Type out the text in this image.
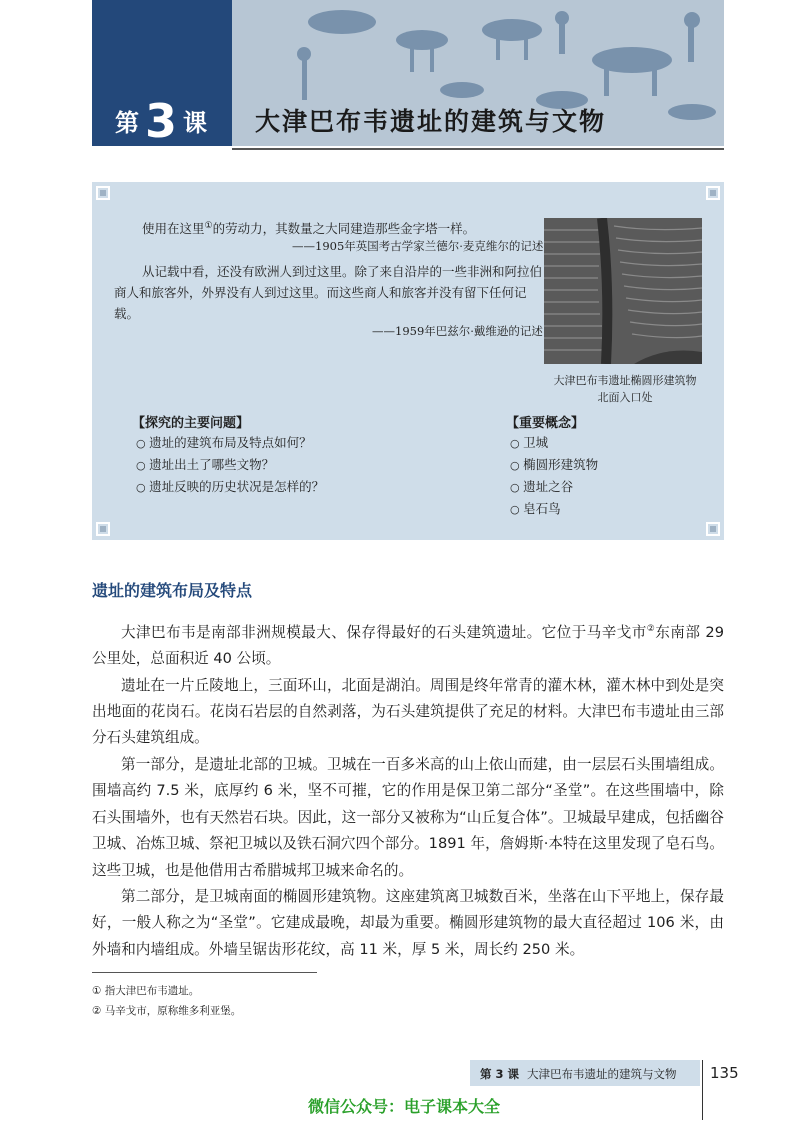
第3 课	大津巴布韦遗址的建筑与文物
使用在这里①的劳动力，其数量之大同建造那些金字塔一样。
——1905年英国考古学家兰德尔·麦克维尔的记述
从记载中看，还没有欧洲人到过这里。除了来自沿岸的一些非洲和阿拉伯商人和旅客外，外界没有人到过这里。而这些商人和旅客并没有留下任何记载。
——1959年巴兹尔·戴维逊的记述
大津巴布韦遗址椭圆形建筑物
北面入口处
【探究的主要问题】
○ 遗址的建筑布局及特点如何？
○ 遗址出土了哪些文物？
○ 遗址反映的历史状况是怎样的？
【重要概念】
○ 卫城
○ 椭圆形建筑物
○ 遗址之谷
○ 皂石鸟
遗址的建筑布局及特点

大津巴布韦是南部非洲规模最大、保存得最好的石头建筑遗址。它位于马辛戈市②东南部 29 公里处，总面积近 40 公顷。

遗址在一片丘陵地上，三面环山，北面是湖泊。周围是终年常青的灌木林，灌木林中到处是突出地面的花岗石。花岗石岩层的自然剥落，为石头建筑提供了充足的材料。大津巴布韦遗址由三部分石头建筑组成。

第一部分，是遗址北部的卫城。卫城在一百多米高的山上依山而建，由一层层石头围墙组成。围墙高约 7.5 米，底厚约 6 米，坚不可摧，它的作用是保卫第二部分“圣堂”。在这些围墙中，除石头围墙外，也有天然岩石块。因此，这一部分又被称为“山丘复合体”。卫城最早建成，包括幽谷卫城、冶炼卫城、祭祀卫城以及铁石洞穴四个部分。1891 年，詹姆斯·本特在这里发现了皂石鸟。这些卫城，也是他借用古希腊城邦卫城来命名的。

第二部分，是卫城南面的椭圆形建筑物。这座建筑离卫城数百米，坐落在山下平地上，保存最好，一般人称之为“圣堂”。它建成最晚，却最为重要。椭圆形建筑物的最大直径超过 106 米，由外墙和内墙组成。外墙呈锯齿形花纹，高 11 米，厚 5 米，周长约 250 米。

① 指大津巴布韦遗址。
② 马辛戈市，原称维多利亚堡。
第 3 课 大津巴布韦遗址的建筑与文物 135
微信公众号：电子课本大全
